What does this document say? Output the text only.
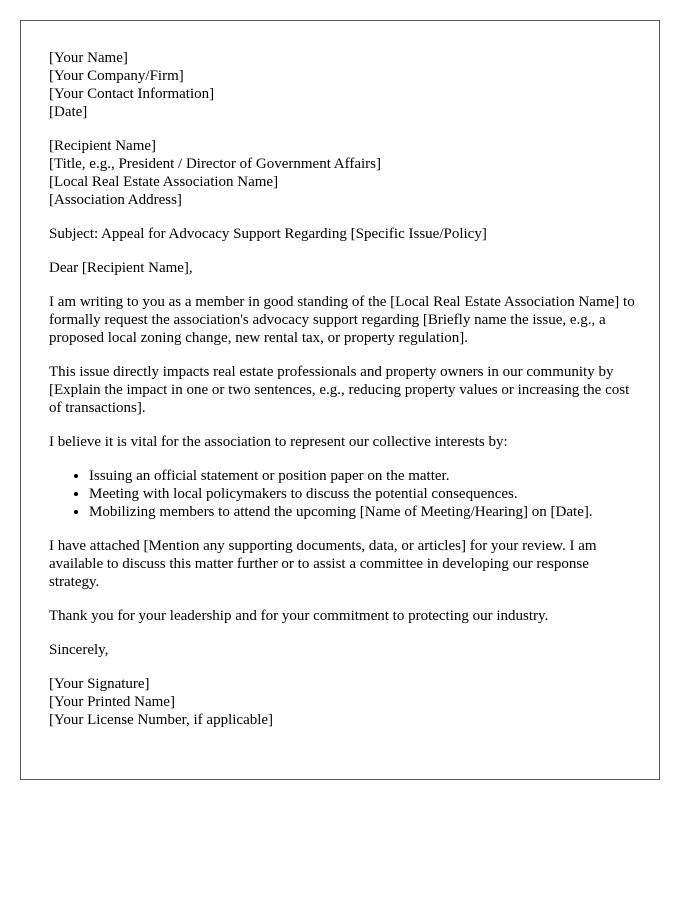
[Your Name]
[Your Company/Firm]
[Your Contact Information]
[Date]
[Recipient Name]
[Title, e.g., President / Director of Government Affairs]
[Local Real Estate Association Name]
[Association Address]

Subject: Appeal for Advocacy Support Regarding [Specific Issue/Policy]

Dear [Recipient Name],

I am writing to you as a member in good standing of the [Local Real Estate Association Name] to formally request the association's advocacy support regarding [Briefly name the issue, e.g., a proposed local zoning change, new rental tax, or property regulation].

This issue directly impacts real estate professionals and property owners in our community by [Explain the impact in one or two sentences, e.g., reducing property values or increasing the cost of transactions].

I believe it is vital for the association to represent our collective interests by:

• Issuing an official statement or position paper on the matter.
• Meeting with local policymakers to discuss the potential consequences.
• Mobilizing members to attend the upcoming [Name of Meeting/Hearing] on [Date].

I have attached [Mention any supporting documents, data, or articles] for your review. I am available to discuss this matter further or to assist a committee in developing our response strategy.

Thank you for your leadership and for your commitment to protecting our industry.

Sincerely,

[Your Signature]
[Your Printed Name]
[Your License Number, if applicable]
